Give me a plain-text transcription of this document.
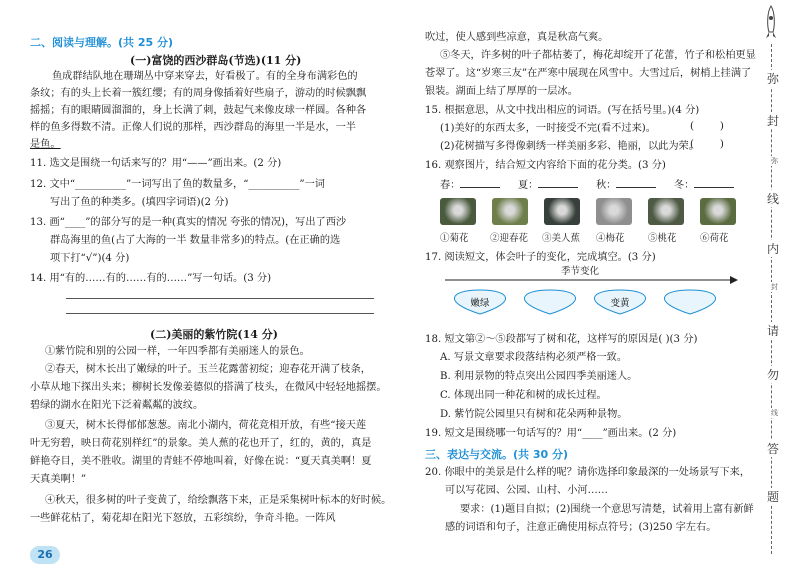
二、阅读与理解。(共 25 分)
(一)富饶的西沙群岛(节选)(11 分)
鱼成群结队地在珊瑚丛中穿来穿去，好看极了。有的全身布满彩色的
条纹；有的头上长着一簇红缨；有的周身像插着好些扇子，游动的时候飘飘
摇摇；有的眼睛圆溜溜的，身上长满了刺，鼓起气来像皮球一样圆。各种各
样的鱼多得数不清。正像人们说的那样，西沙群岛的海里一半是水，一半
是鱼。
11. 选文是围绕一句话来写的？用“——”画出来。(2 分)
12. 文中“__________”一词写出了鱼的数量多，“__________”一词
写出了鱼的种类多。(填四字词语)(2 分)
13. 画“____”的部分写的是一种(真实的情况 夸张的情况)，写出了西沙
群岛海里的鱼(占了大海的一半 数量非常多)的特点。(在正确的选
项下打“√”)(4 分)
14. 用“有的……有的……有的……”写一句话。(3 分)
(二)美丽的紫竹院(14 分)
①紫竹院和别的公园一样，一年四季都有美丽迷人的景色。
②春天，树木长出了嫩绿的叶子。玉兰花露蕾初绽；迎春花开满了枝条，
小草从地下探出头来；柳树长发像姜德似的搭满了枝头，在微风中轻轻地摇摆。
碧绿的湖水在阳光下泛着粼粼的波纹。
③夏天，树木长得郁郁葱葱。南北小湖内，荷花竞相开放，有些“接天莲
叶无穷碧，映日荷花别样红”的景象。美人蕉的花也开了，红的，黄的，真是
鲜艳夺目，美不胜收。湖里的青蛙不停地叫着，好像在说：“夏天真美啊！夏
天真美啊！”
④秋天，很多树的叶子变黄了，给绘飘落下来，正是采集树叶标本的好时候。
一些鲜花枯了，菊花却在阳光下怒放，五彩缤纷，争奇斗艳。一阵风
26
吹过，使人感到些凉意，真是秋高气爽。
⑤冬天，许多树的叶子都枯萎了，梅花却绽开了花蕾，竹子和松柏更显
苍翠了。这“岁寒三友”在严寒中展现在风雪中。大雪过后，树梢上挂满了
银装。湖面上结了厚厚的一层冰。
15. 根据意思，从文中找出相应的词语。(写在括号里。)(4 分)
(1)美好的东西太多，一时接受不完(看不过来)。	(        )
(2)花树描写多得像刺绣一样美丽多彩、艳丽，以此为荣。
(        )
16. 观察图片，结合短文内容给下面的花分类。(3 分)
春：	夏：	秋：	冬：
①菊花 ②迎春花 ③美人蕉 ④梅花 ⑤桃花 ⑥荷花
17. 阅读短文，体会叶子的变化，完成填空。(3 分)
季节变化
嫩绿	变黄
18. 短文第②～⑤段都写了树和花，这样写的原因是( )(3 分)
A. 写景文章要求段落结构必须严格一致。
B. 利用景物的特点突出公园四季美丽迷人。
C. 体现出同一种花和树的成长过程。
D. 紫竹院公园里只有树和花朵两种景物。
19. 短文是围绕哪一句话写的？用“____”画出来。(2 分)
三、表达与交流。(共 30 分)
20. 你眼中的美景是什么样的呢？请你选择印象最深的一处场景写下来，
可以写花园、公园、山村、小河……
要求：(1)题目自拟；(2)围绕一个意思写清楚，试着用上富有新鲜
感的词语和句子，注意正确使用标点符号；(3)250 字左右。
弥
封
弥
线
内
封
请
勿
线
答
题
